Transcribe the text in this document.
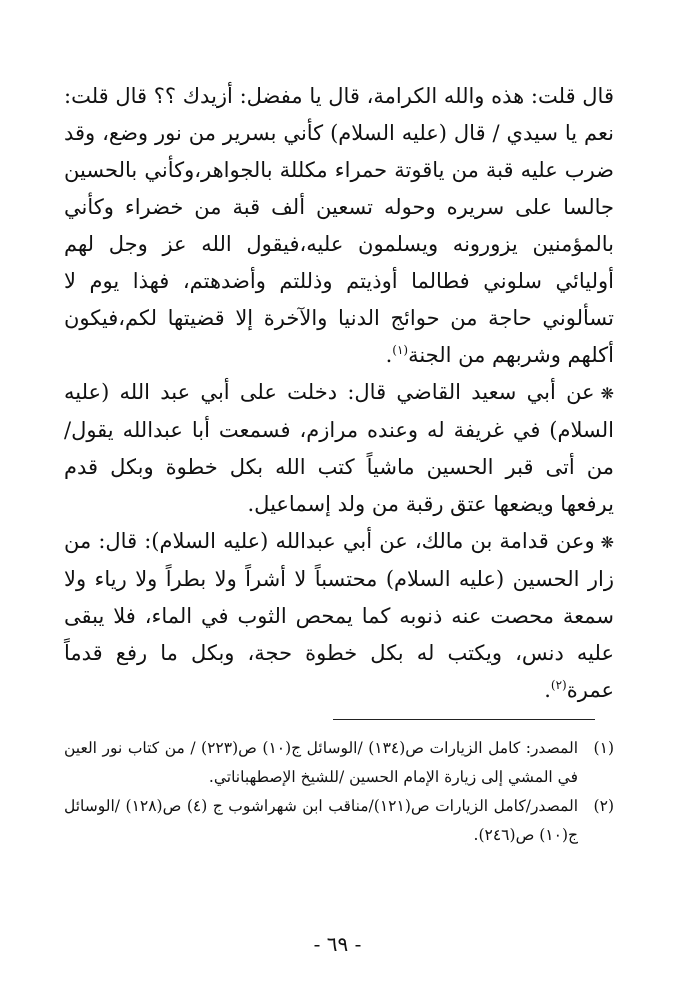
قال قلت: هذه والله الكرامة، قال يا مفضل: أزيدك ؟؟ قال قلت: نعم يا سيدي / قال (عليه السلام) كأني بسرير من نور وضع، وقد ضرب عليه قبة من ياقوتة حمراء مكللة بالجواهر،وكأني بالحسين جالسا على سريره وحوله تسعين ألف قبة من خضراء وكأني بالمؤمنين يزورونه ويسلمون عليه،فيقول الله عز وجل لهم أوليائي سلوني فطالما أوذيتم وذللتم وأضدهتم، فهذا يوم لا تسألوني حاجة من حوائج الدنيا والآخرة إلا قضيتها لكم،فيكون أكلهم وشربهم من الجنة$^{(١)}$.

❋عن أبي سعيد القاضي قال: دخلت على أبي عبد الله (عليه السلام) في غريفة له وعنده مرازم، فسمعت أبا عبدالله يقول/ من أتى قبر الحسين ماشياً كتب الله بكل خطوة وبكل قدم يرفعها ويضعها عتق رقبة من ولد إسماعيل.

❋وعن قدامة بن مالك، عن أبي عبدالله (عليه السلام): قال: من زار الحسين (عليه السلام) محتسباً لا أشراً ولا بطراً ولا رياء ولا سمعة محصت عنه ذنوبه كما يمحص الثوب في الماء، فلا يبقى عليه دنس، ويكتب له بكل خطوة حجة، وبكل ما رفع قدماً عمرة$^{(٢)}$.

(١)
المصدر: كامل الزيارات ص(١٣٤) /الوسائل ج(١٠) ص(٢٢٣) / من كتاب نور العين في المشي إلى زيارة الإمام الحسين /للشيخ الإصطهباناتي.
(٢)
المصدر/كامل الزيارات ص(١٢١)/مناقب ابن شهراشوب ج (٤) ص(١٢٨) /الوسائل ج(١٠) ص(٢٤٦).
- ٦٩ -
